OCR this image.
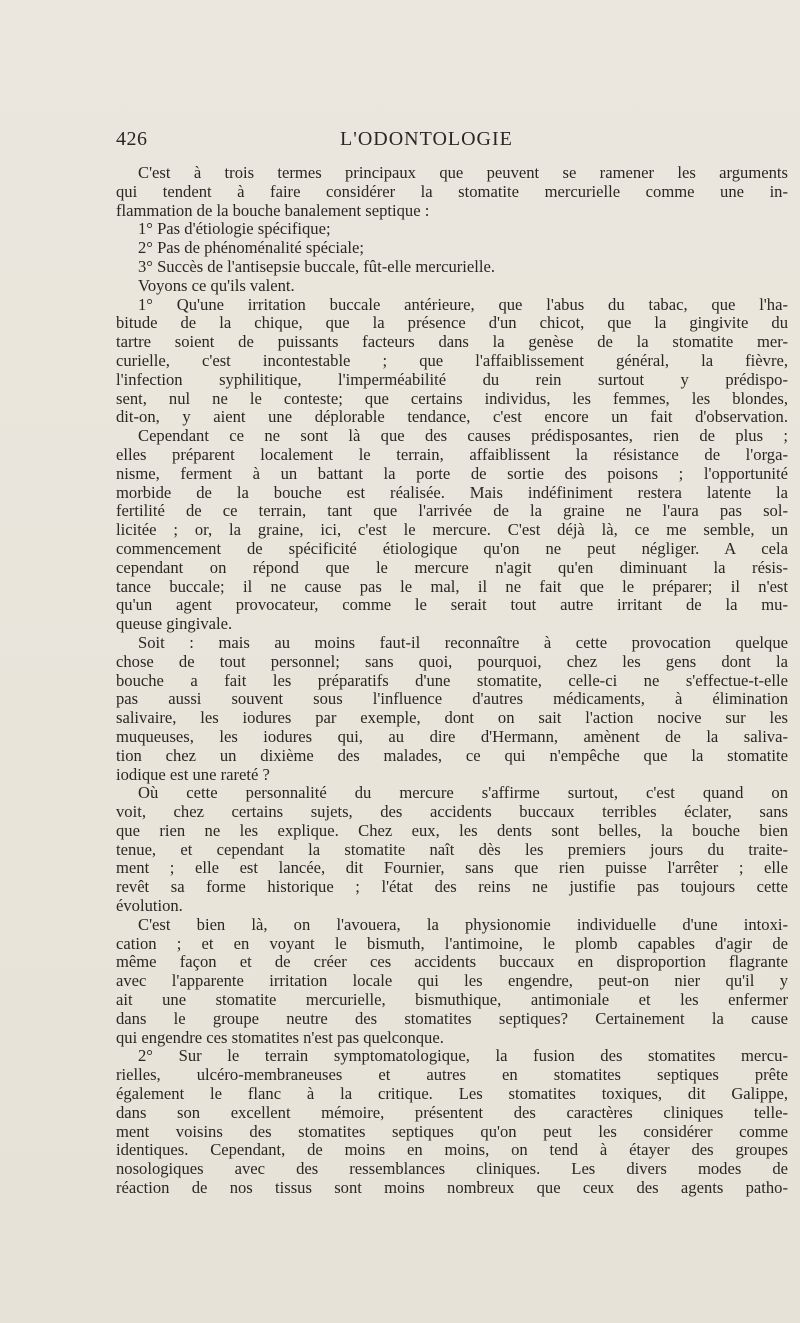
426	L'ODONTOLOGIE
C'est à trois termes principaux que peuvent se ramener les arguments
qui tendent à faire considérer la stomatite mercurielle comme une in-
flammation de la bouche banalement septique :
1° Pas d'étiologie spécifique;
2° Pas de phénoménalité spéciale;
3° Succès de l'antisepsie buccale, fût-elle mercurielle.
Voyons ce qu'ils valent.
1° Qu'une irritation buccale antérieure, que l'abus du tabac, que l'ha-
bitude de la chique, que la présence d'un chicot, que la gingivite du
tartre soient de puissants facteurs dans la genèse de la stomatite mer-
curielle, c'est incontestable ; que l'affaiblissement général, la fièvre,
l'infection syphilitique, l'imperméabilité du rein surtout y prédispo-
sent, nul ne le conteste; que certains individus, les femmes, les blondes,
dit-on, y aient une déplorable tendance, c'est encore un fait d'observation.
Cependant ce ne sont là que des causes prédisposantes, rien de plus ;
elles préparent localement le terrain, affaiblissent la résistance de l'orga-
nisme, ferment à un battant la porte de sortie des poisons ; l'opportunité
morbide de la bouche est réalisée. Mais indéfiniment restera latente la
fertilité de ce terrain, tant que l'arrivée de la graine ne l'aura pas sol-
licitée ; or, la graine, ici, c'est le mercure. C'est déjà là, ce me semble, un
commencement de spécificité étiologique qu'on ne peut négliger. A cela
cependant on répond que le mercure n'agit qu'en diminuant la résis-
tance buccale; il ne cause pas le mal, il ne fait que le préparer; il n'est
qu'un agent provocateur, comme le serait tout autre irritant de la mu-
queuse gingivale.
Soit : mais au moins faut-il reconnaître à cette provocation quelque
chose de tout personnel; sans quoi, pourquoi, chez les gens dont la
bouche a fait les préparatifs d'une stomatite, celle-ci ne s'effectue-t-elle
pas aussi souvent sous l'influence d'autres médicaments, à élimination
salivaire, les iodures par exemple, dont on sait l'action nocive sur les
muqueuses, les iodures qui, au dire d'Hermann, amènent de la saliva-
tion chez un dixième des malades, ce qui n'empêche que la stomatite
iodique est une rareté ?
Où cette personnalité du mercure s'affirme surtout, c'est quand on
voit, chez certains sujets, des accidents buccaux terribles éclater, sans
que rien ne les explique. Chez eux, les dents sont belles, la bouche bien
tenue, et cependant la stomatite naît dès les premiers jours du traite-
ment ; elle est lancée, dit Fournier, sans que rien puisse l'arrêter ; elle
revêt sa forme historique ; l'état des reins ne justifie pas toujours cette
évolution.
C'est bien là, on l'avouera, la physionomie individuelle d'une intoxi-
cation ; et en voyant le bismuth, l'antimoine, le plomb capables d'agir de
même façon et de créer ces accidents buccaux en disproportion flagrante
avec l'apparente irritation locale qui les engendre, peut-on nier qu'il y
ait une stomatite mercurielle, bismuthique, antimoniale et les enfermer
dans le groupe neutre des stomatites septiques? Certainement la cause
qui engendre ces stomatites n'est pas quelconque.
2° Sur le terrain symptomatologique, la fusion des stomatites mercu-
rielles, ulcéro-membraneuses et autres en stomatites septiques prête
également le flanc à la critique. Les stomatites toxiques, dit Galippe,
dans son excellent mémoire, présentent des caractères cliniques telle-
ment voisins des stomatites septiques qu'on peut les considérer comme
identiques. Cependant, de moins en moins, on tend à étayer des groupes
nosologiques avec des ressemblances cliniques. Les divers modes de
réaction de nos tissus sont moins nombreux que ceux des agents patho-
